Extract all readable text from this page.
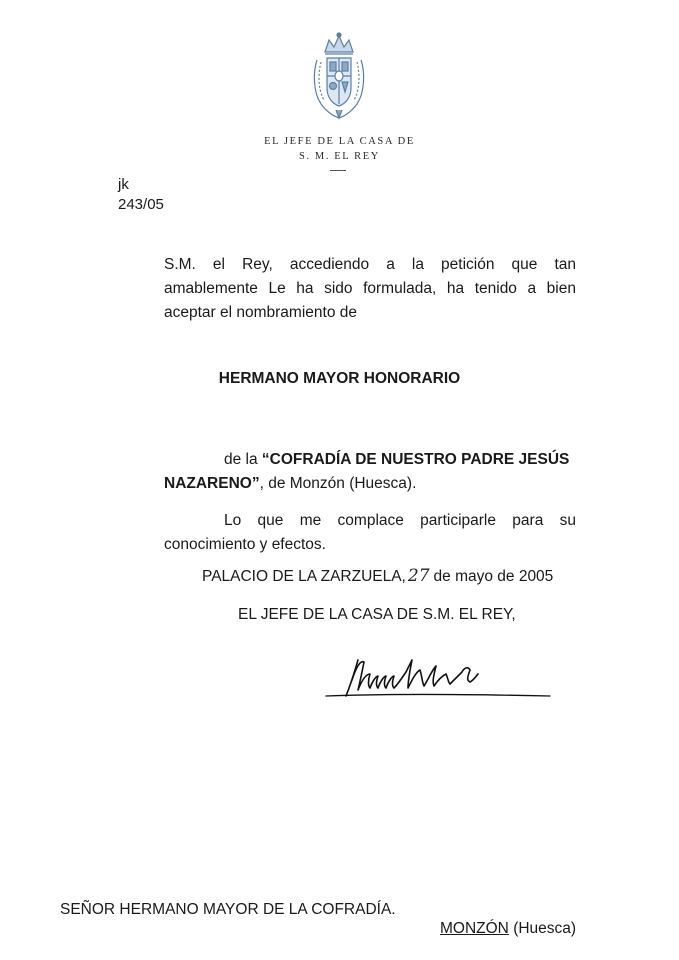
EL JEFE DE LA CASA DE
S. M. EL REY
jk
243/05
S.M. el Rey, accediendo a la petición que tan
amablemente Le ha sido formulada, ha tenido a bien
aceptar el nombramiento de
HERMANO MAYOR HONORARIO
de la “COFRADÍA DE NUESTRO PADRE JESÚS
NAZARENO”, de Monzón (Huesca).
Lo que me complace participarle para su
conocimiento y efectos.
PALACIO DE LA ZARZUELA, 27 de mayo de 2005
EL JEFE DE LA CASA DE S.M. EL REY,
SEÑOR HERMANO MAYOR DE LA COFRADÍA.
MONZÓN (Huesca)
